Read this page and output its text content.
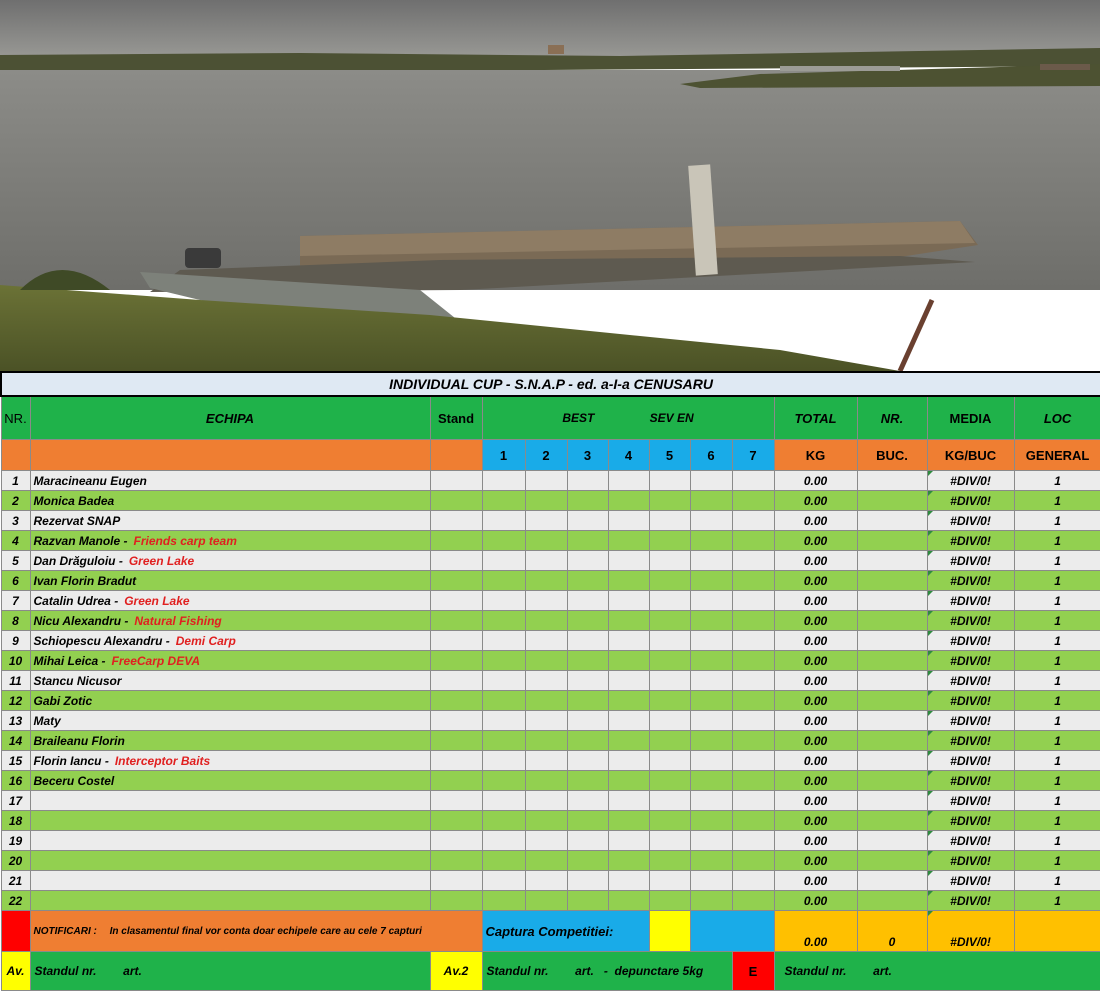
INDIVIDUAL CUP - S.N.A.P - ed. a-I-a CENUSARU													
NR.	ECHIPA	Stand	BEST SEV EN							TOTAL	NR.	MEDIA	LOC
			1	2	3	4	5	6	7	KG	BUC.	KG/BUC	GENERAL
1	Maracineanu Eugen									0.00		#DIV/0!	1
2	Monica Badea									0.00		#DIV/0!	1
3	Rezervat SNAP									0.00		#DIV/0!	1
4	Razvan Manole - Friends carp team									0.00		#DIV/0!	1
5	Dan Drăguloiu - Green Lake									0.00		#DIV/0!	1
6	Ivan Florin Bradut									0.00		#DIV/0!	1
7	Catalin Udrea - Green Lake									0.00		#DIV/0!	1
8	Nicu Alexandru - Natural Fishing									0.00		#DIV/0!	1
9	Schiopescu Alexandru - Demi Carp									0.00		#DIV/0!	1
10	Mihai Leica - FreeCarp DEVA									0.00		#DIV/0!	1
11	Stancu Nicusor									0.00		#DIV/0!	1
12	Gabi Zotic									0.00		#DIV/0!	1
13	Maty									0.00		#DIV/0!	1
14	Braileanu Florin									0.00		#DIV/0!	1
15	Florin Iancu - Interceptor Baits									0.00		#DIV/0!	1
16	Beceru Costel									0.00		#DIV/0!	1
17										0.00		#DIV/0!	1
18										0.00		#DIV/0!	1
19										0.00		#DIV/0!	1
20										0.00		#DIV/0!	1
21										0.00		#DIV/0!	1
22										0.00		#DIV/0!	1
	NOTIFICARI : In clasamentul final vor conta doar echipele care au cele 7 capturi		Captura Competitiei:							0.00	0	#DIV/0!	
Av.	Standul nr.        art.	Av.2	Standul nr.        art.   -  depunctare 5kg						E	Standul nr.        art.			
